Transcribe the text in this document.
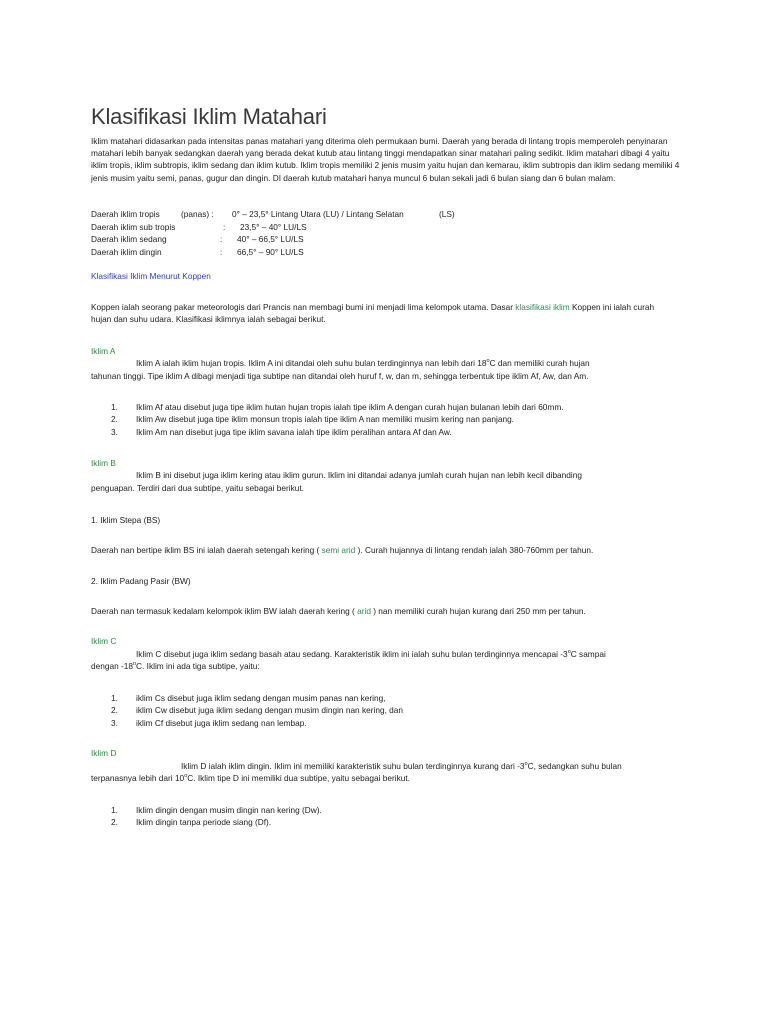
Klasifikasi Iklim Matahari
Iklim matahari didasarkan pada intensitas panas matahari yang diterima oleh permukaan bumi. Daerah yang berada di lintang tropis memperoleh penyinaran matahari lebih banyak sedangkan daerah yang berada dekat kutub atau lintang tinggi mendapatkan sinar matahari paling sedikit. Iklim matahari dibagi 4 yaitu iklim tropis, iklim subtropis, iklim sedang dan iklim kutub. Iklim tropis memiliki 2 jenis musim yaitu hujan dan kemarau, iklim subtropis dan iklim sedang memiliki 4 jenis musim yaitu semi, panas, gugur dan dingin. DI daerah kutub matahari hanya muncul 6 bulan sekali jadi 6 bulan siang dan 6 bulan malam.
Daerah iklim tropis	(panas) : 0° – 23,5° Lintang Utara (LU) / Lintang Selatan	(LS)
Daerah iklim sub tropis	: 23,5° – 40° LU/LS
Daerah iklim sedang	: 40° – 66,5° LU/LS
Daerah iklim dingin	: 66,5° – 90° LU/LS
Klasifikasi Iklim Menurut Koppen
Koppen ialah seorang pakar meteorologis dari Prancis nan membagi bumi ini menjadi lima kelompok utama. Dasar klasifikasi iklim Koppen ini ialah curah hujan dan suhu udara. Klasifikasi iklimnya ialah sebagai berikut.
Iklim A
Iklim A ialah iklim hujan tropis. Iklim A ini ditandai oleh suhu bulan terdinginnya nan lebih dari 18$^o$C dan memiliki curah hujan
tahunan tinggi. Tipe iklim A dibagi menjadi tiga subtipe nan ditandai oleh huruf f, w, dan m, sehingga terbentuk tipe iklim Af, Aw, dan Am.
1. Iklim Af atau disebut juga tipe iklim hutan hujan tropis ialah tipe iklim A dengan curah hujan bulanan lebih dari 60mm.
2. Iklim Aw disebut juga tipe iklim monsun tropis ialah tipe iklim A nan memiliki musim kering nan panjang.
3. Iklim Am nan disebut juga tipe iklim savana ialah tipe iklim peralihan antara Af dan Aw.
Iklim B
Iklim B ini disebut juga iklim kering atau iklim gurun. Iklim ini ditandai adanya jumlah curah hujan nan lebih kecil dibanding
penguapan. Terdiri dari dua subtipe, yaitu sebagai berikut.
1. Iklim Stepa (BS)
Daerah nan bertipe iklim BS ini ialah daerah setengah kering ( semi arid ). Curah hujannya di lintang rendah ialah 380-760mm per tahun.
2. Iklim Padang Pasir (BW)
Daerah nan termasuk kedalam kelompok iklim BW ialah daerah kering ( arid ) nan memiliki curah hujan kurang dari 250 mm per tahun.
Iklim C
Iklim C disebut juga iklim sedang basah atau sedang. Karakteristik iklim ini ialah suhu bulan terdinginnya mencapai -3$^o$C sampai
dengan -18$^o$C. Iklim ini ada tiga subtipe, yaitu:
1. iklim Cs disebut juga iklim sedang dengan musim panas nan kering,
2. iklim Cw disebut juga iklim sedang dengan musim dingin nan kering, dan
3. iklim Cf disebut juga iklim sedang nan lembap.
Iklim D
Iklim D ialah iklim dingin. Iklim ini memiliki karakteristik suhu bulan terdinginnya kurang dari -3$^o$C, sedangkan suhu bulan
terpanasnya lebih dari 10$^o$C. Iklim tipe D ini memiliki dua subtipe, yaitu sebagai berikut.
1. Iklim dingin dengan musim dingin nan kering (Dw).
2. Iklim dingin tanpa periode siang (Df).
